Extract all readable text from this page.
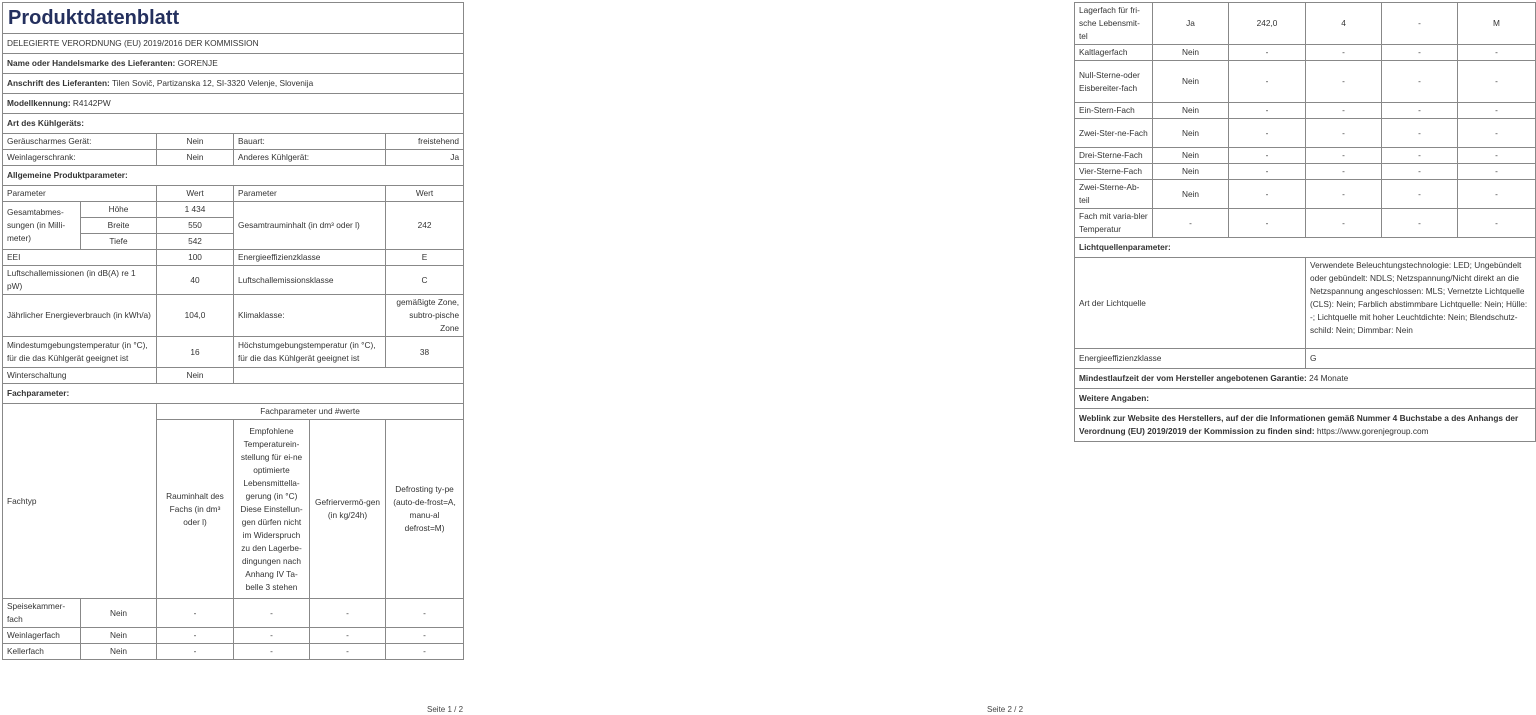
Produktdatenblatt					
DELEGIERTE VERORDNUNG (EU) 2019/2016 DER KOMMISSION					
Name oder Handelsmarke des Lieferanten: GORENJE					
Anschrift des Lieferanten: Tilen Sovič, Partizanska 12, SI-3320 Velenje, Slovenija					
Modellkennung: R4142PW					
Art des Kühlgeräts:					
Geräuscharmes Gerät:		Nein	Bauart:		freistehend
Weinlagerschrank:		Nein	Anderes Kühlgerät:		Ja
Allgemeine Produktparameter:					
Parameter		Wert	Parameter		Wert
Gesamtabmes-sungen (in Milli-meter)	Höhe	1 434	Gesamtrauminhalt (in dm³ oder l)		242
	Breite	550			
	Tiefe	542			
EEI		100	Energieeffizienzklasse		E
Luftschallemissionen (in dB(A) re 1 pW)		40	Luftschallemissionsklasse		C
Jährlicher Energieverbrauch (in kWh/a)		104,0	Klimaklasse:		gemäßigte Zone, subtro-pische Zone
Mindestumgebungstemperatur (in °C), für die das Kühlgerät geeignet ist		16	Höchstumgebungstemperatur (in °C), für die das Kühlgerät geeignet ist		38
Winterschaltung		Nein			
Fachparameter:					
Fachtyp		Fachparameter und #werte			
		Rauminhalt des Fachs (in dm³ oder l)	Empfohlene Temperaturein-stellung für ei-ne optimierte Lebensmittella-gerung (in °C) Diese Einstellun-gen dürfen nicht im Widerspruch zu den Lagerbe-dingungen nach Anhang IV Ta-belle 3 stehen	Gefriervermö-gen (in kg/24h)	Defrosting ty-pe (auto-de-frost=A, manu-al defrost=M)
Speisekammer-fach	Nein	-	-	-	-
Weinlagerfach	Nein	-	-	-	-
Kellerfach	Nein	-	-	-	-
Seite 1 / 2
Lagerfach für fri-sche Lebensmit-tel	Ja	242,0	4	-	M
Kaltlagerfach	Nein	-	-	-	-
Null-Sterne-oder Eisbereiter-fach	Nein	-	-	-	-
Ein-Stern-Fach	Nein	-	-	-	-
Zwei-Ster-ne-Fach	Nein	-	-	-	-
Drei-Sterne-Fach	Nein	-	-	-	-
Vier-Sterne-Fach	Nein	-	-	-	-
Zwei-Sterne-Ab-teil	Nein	-	-	-	-
Fach mit varia-bler Temperatur	-	-	-	-	-
Lichtquellenparameter:					
Art der Lichtquelle			Verwendete Beleuchtungstechnologie: LED; Ungebündelt oder gebündelt: NDLS; Netzspannung/Nicht direkt an die Netzspannung angeschlossen: MLS; Vernetzte Lichtquelle (CLS): Nein; Farblich abstimmbare Lichtquelle: Nein; Hülle: -; Lichtquelle mit hoher Leuchtdichte: Nein; Blendschutz-schild: Nein; Dimmbar: Nein		
Energieeffizienzklasse			G		
Mindestlaufzeit der vom Hersteller angebotenen Garantie: 24 Monate					
Weitere Angaben:					
Weblink zur Website des Herstellers, auf der die Informationen gemäß Nummer 4 Buchstabe a des Anhangs der Verordnung (EU) 2019/2019 der Kommission zu finden sind: https://www.gorenjegroup.com					
Seite 2 / 2
